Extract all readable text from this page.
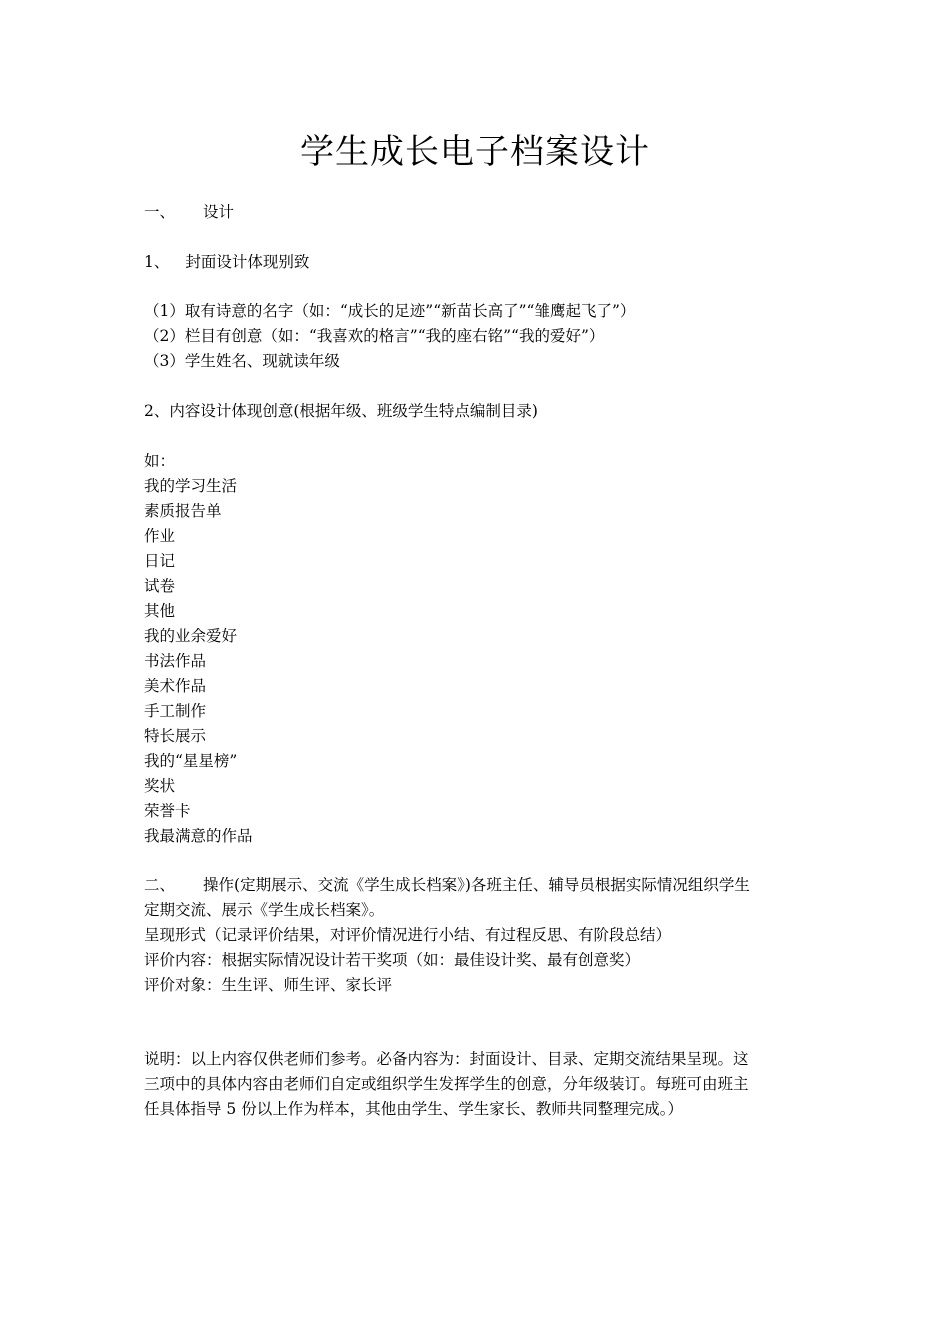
学生成长电子档案设计
一、 设计
1、 封面设计体现别致
（1）取有诗意的名字（如：“成长的足迹”“新苗长高了”“雏鹰起飞了”）
（2）栏目有创意（如：“我喜欢的格言”“我的座右铭”“我的爱好”）
（3）学生姓名、现就读年级
2、内容设计体现创意(根据年级、班级学生特点编制目录)
如：
我的学习生活
素质报告单
作业
日记
试卷
其他
我的业余爱好
书法作品
美术作品
手工制作
特长展示
我的“星星榜”
奖状
荣誉卡
我最满意的作品
二、 操作(定期展示、交流《学生成长档案》)各班主任、辅导员根据实际情况组织学生
定期交流、展示《学生成长档案》。
呈现形式（记录评价结果，对评价情况进行小结、有过程反思、有阶段总结）
评价内容：根据实际情况设计若干奖项（如：最佳设计奖、最有创意奖）
评价对象：生生评、师生评、家长评
说明：以上内容仅供老师们参考。必备内容为：封面设计、目录、定期交流结果呈现。这
三项中的具体内容由老师们自定或组织学生发挥学生的创意，分年级装订。每班可由班主
任具体指导 5 份以上作为样本，其他由学生、学生家长、教师共同整理完成。）
